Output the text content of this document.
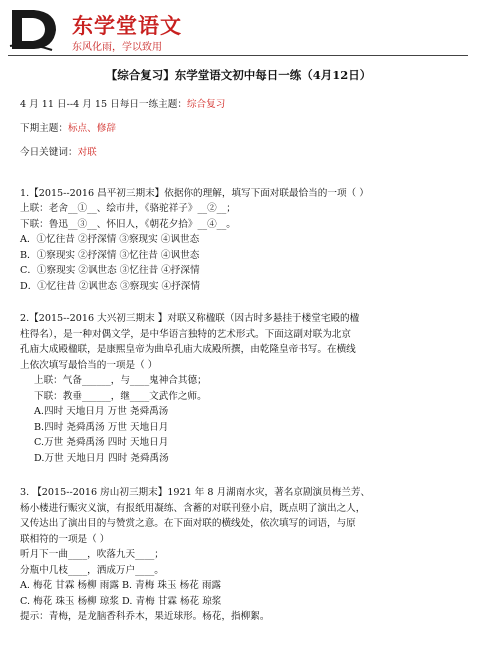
东学堂语文
东风化雨，学以致用
【综合复习】东学堂语文初中每日一练（4月12日）
4 月 11 日--4 月 15 日每日一练主题：综合复习
下期主题：标点、修辞
今日关键词：对联
1.【2015--2016 昌平初三期末】依据你的理解，填写下面对联最恰当的一项（ ）
上联：老舍__①__、绘市井，《骆驼祥子》__②__；
下联：鲁迅__③__、怀旧人，《朝花夕拾》__④__。
A．①忆往昔 ②抒深情 ③察现实 ④讽世态
B．①察现实 ②抒深情 ③忆往昔 ④讽世态
C．①察现实 ②讽世态 ③忆往昔 ④抒深情
D．①忆往昔 ②讽世态 ③察现实 ④抒深情
2.【2015--2016 大兴初三期末 】对联又称楹联（因古时多悬挂于楼堂宅殿的楹
柱得名），是一种对偶文学，是中华语言独特的艺术形式。下面这副对联为北京
孔庙大成殿楹联，是康熙皇帝为曲阜孔庙大成殿所撰，由乾隆皇帝书写。在横线
上依次填写最恰当的一项是（ ）
上联：气备______，与____鬼神合其德；
下联：教垂______，继____文武作之师。
A.四时 天地日月 万世 尧舜禹汤
B.四时 尧舜禹汤 万世 天地日月
C.万世 尧舜禹汤 四时 天地日月
D.万世 天地日月 四时 尧舜禹汤
3. 【2015--2016 房山初三期末】1921 年 8 月湖南水灾，著名京剧演员梅兰芳、
杨小楼进行赈灾义演，有报纸用凝练、含蓄的对联刊登小启，既点明了演出之人，
又传达出了演出目的与赞赏之意。在下面对联的横线处，依次填写的词语，与原
联相符的一项是（ ）
听月下一曲____，吹落九天____；
分瓶中几枝____，洒成万户____。
A. 梅花 甘霖 杨柳 雨露 B. 青梅 珠玉 杨花 雨露
C. 梅花 珠玉 杨柳 琼浆 D. 青梅 甘霖 杨花 琼浆
提示：青梅，是龙脑香科乔木，果近球形。杨花，指柳絮。
